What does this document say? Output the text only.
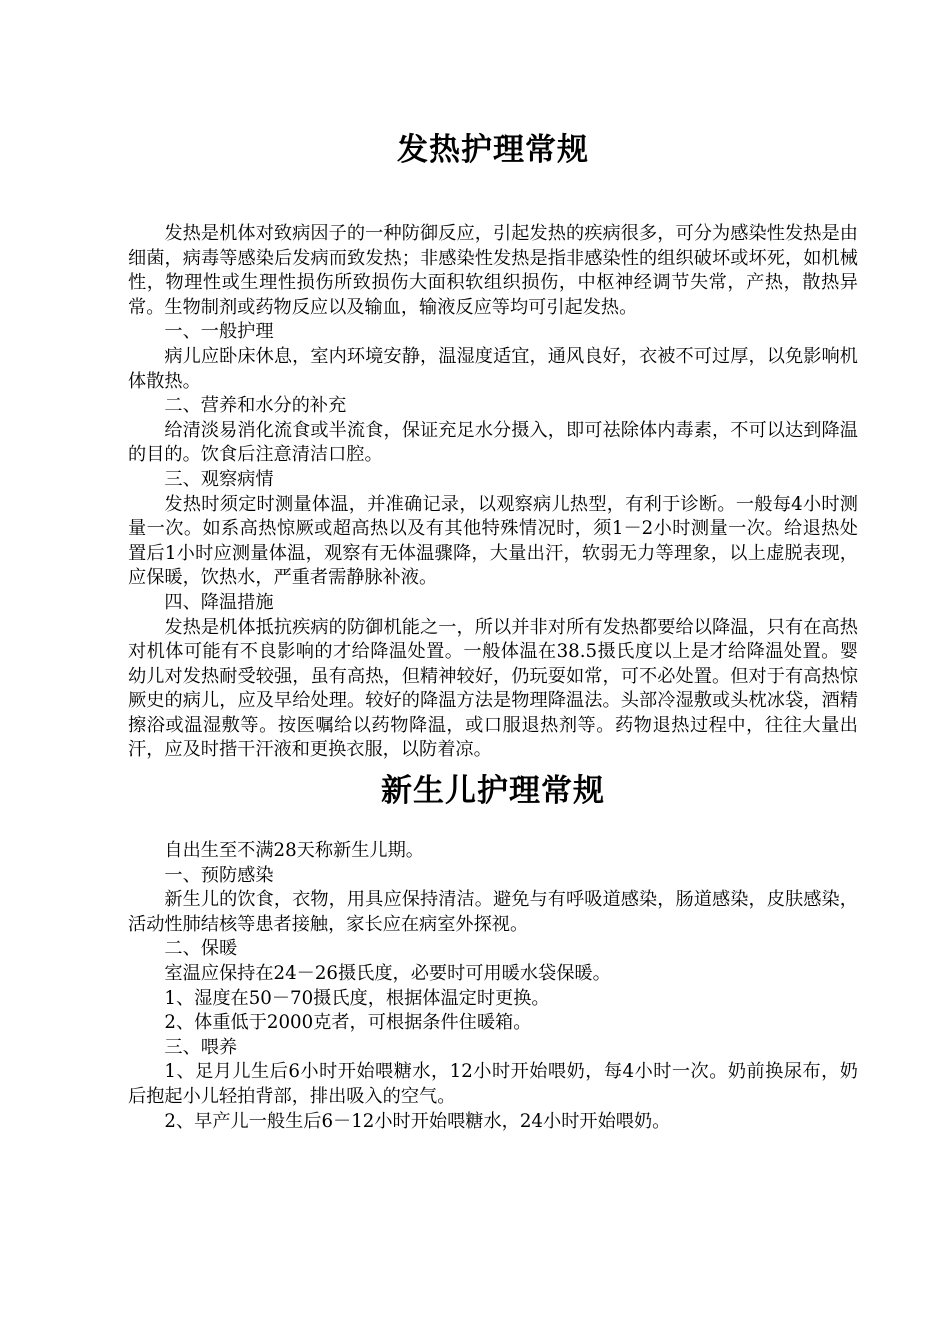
发热护理常规

发热是机体对致病因子的一种防御反应，引起发热的疾病很多，可分为感染性发热是由细菌，病毒等感染后发病而致发热；非感染性发热是指非感染性的组织破坏或坏死，如机械性，物理性或生理性损伤所致损伤大面积软组织损伤，中枢神经调节失常，产热，散热异常。生物制剂或药物反应以及输血，输液反应等均可引起发热。

一、一般护理

病儿应卧床休息，室内环境安静，温湿度适宜，通风良好，衣被不可过厚，以免影响机体散热。

二、营养和水分的补充

给清淡易消化流食或半流食，保证充足水分摄入，即可祛除体内毒素，不可以达到降温的目的。饮食后注意清洁口腔。

三、观察病情

发热时须定时测量体温，并准确记录，以观察病儿热型，有利于诊断。一般每4小时测量一次。如系高热惊厥或超高热以及有其他特殊情况时，须1－2小时测量一次。给退热处置后1小时应测量体温，观察有无体温骤降，大量出汗，软弱无力等理象，以上虚脱表现，应保暖，饮热水，严重者需静脉补液。

四、降温措施

发热是机体抵抗疾病的防御机能之一，所以并非对所有发热都要给以降温，只有在高热对机体可能有不良影响的才给降温处置。一般体温在38.5摄氏度以上是才给降温处置。婴幼儿对发热耐受较强，虽有高热，但精神较好，仍玩耍如常，可不必处置。但对于有高热惊厥史的病儿，应及早给处理。较好的降温方法是物理降温法。头部冷湿敷或头枕冰袋，酒精擦浴或温湿敷等。按医嘱给以药物降温，或口服退热剂等。药物退热过程中，往往大量出汗，应及时揩干汗液和更换衣服，以防着凉。

新生儿护理常规

自出生至不满28天称新生儿期。

一、预防感染

新生儿的饮食，衣物，用具应保持清洁。避免与有呼吸道感染，肠道感染，皮肤感染，活动性肺结核等患者接触，家长应在病室外探视。

二、保暖

室温应保持在24－26摄氏度，必要时可用暖水袋保暖。

1、湿度在50－70摄氏度，根据体温定时更换。

2、体重低于2000克者，可根据条件住暖箱。

三、喂养

1、足月儿生后6小时开始喂糖水，12小时开始喂奶，每4小时一次。奶前换尿布，奶后抱起小儿轻拍背部，排出吸入的空气。

2、早产儿一般生后6－12小时开始喂糖水，24小时开始喂奶。
